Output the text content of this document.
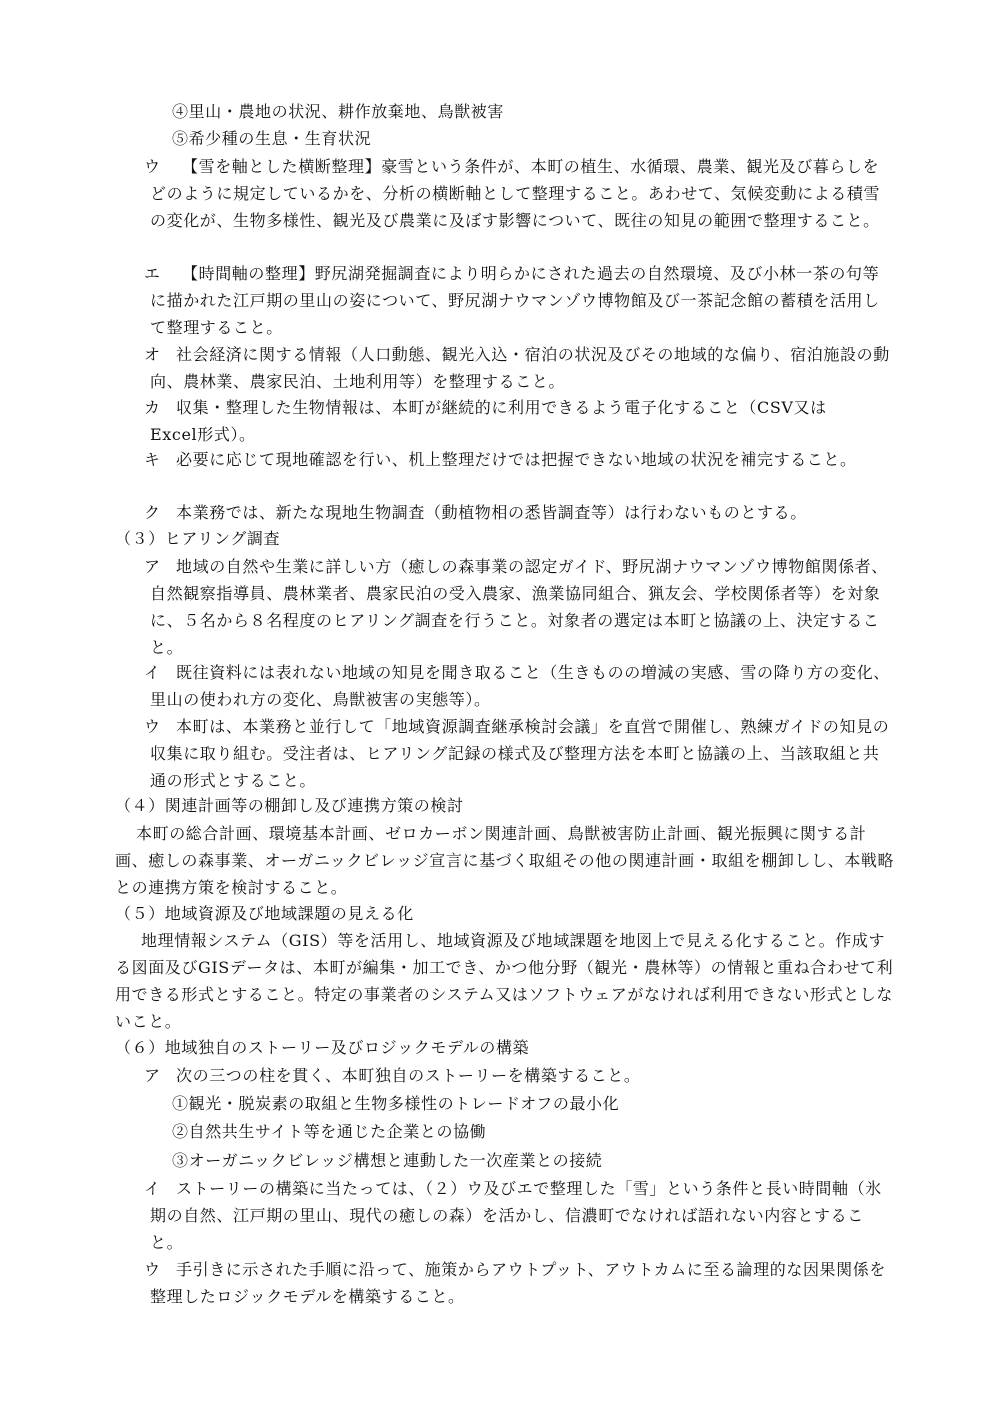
④里山・農地の状況、耕作放棄地、鳥獣被害

⑤希少種の生息・生育状況

ウ	【雪を軸とした横断整理】豪雪という条件が、本町の植生、水循環、農業、観光及び暮らしをどのように規定しているかを、分析の横断軸として整理すること。あわせて、気候変動による積雪の変化が、生物多様性、観光及び農業に及ぼす影響について、既往の知見の範囲で整理すること。

エ	【時間軸の整理】野尻湖発掘調査により明らかにされた過去の自然環境、及び小林一茶の句等に描かれた江戸期の里山の姿について、野尻湖ナウマンゾウ博物館及び一茶記念館の蓄積を活用して整理すること。

オ 社会経済に関する情報（人口動態、観光入込・宿泊の状況及びその地域的な偏り、宿泊施設の動向、農林業、農家民泊、土地利用等）を整理すること。

カ 収集・整理した生物情報は、本町が継続的に利用できるよう電子化すること（CSV又はExcel形式）。

キ 必要に応じて現地確認を行い、机上整理だけでは把握できない地域の状況を補完すること。

ク 本業務では、新たな現地生物調査（動植物相の悉皆調査等）は行わないものとする。

（３）ヒアリング調査

ア 地域の自然や生業に詳しい方（癒しの森事業の認定ガイド、野尻湖ナウマンゾウ博物館関係者、自然観察指導員、農林業者、農家民泊の受入農家、漁業協同組合、猟友会、学校関係者等）を対象に、５名から８名程度のヒアリング調査を行うこと。対象者の選定は本町と協議の上、決定すること。

イ 既往資料には表れない地域の知見を聞き取ること（生きものの増減の実感、雪の降り方の変化、里山の使われ方の変化、鳥獣被害の実態等）。

ウ 本町は、本業務と並行して「地域資源調査継承検討会議」を直営で開催し、熟練ガイドの知見の収集に取り組む。受注者は、ヒアリング記録の様式及び整理方法を本町と協議の上、当該取組と共通の形式とすること。

（４）関連計画等の棚卸し及び連携方策の検討

本町の総合計画、環境基本計画、ゼロカーボン関連計画、鳥獣被害防止計画、観光振興に関する計画、癒しの森事業、オーガニックビレッジ宣言に基づく取組その他の関連計画・取組を棚卸しし、本戦略との連携方策を検討すること。

（５）地域資源及び地域課題の見える化

地理情報システム（GIS）等を活用し、地域資源及び地域課題を地図上で見える化すること。作成する図面及びGISデータは、本町が編集・加工でき、かつ他分野（観光・農林等）の情報と重ね合わせて利用できる形式とすること。特定の事業者のシステム又はソフトウェアがなければ利用できない形式としないこと。

（６）地域独自のストーリー及びロジックモデルの構築

ア 次の三つの柱を貫く、本町独自のストーリーを構築すること。

①観光・脱炭素の取組と生物多様性のトレードオフの最小化

②自然共生サイト等を通じた企業との協働

③オーガニックビレッジ構想と連動した一次産業との接続

イ ストーリーの構築に当たっては、（２）ウ及びエで整理した「雪」という条件と長い時間軸（氷期の自然、江戸期の里山、現代の癒しの森）を活かし、信濃町でなければ語れない内容とすること。

ウ 手引きに示された手順に沿って、施策からアウトプット、アウトカムに至る論理的な因果関係を整理したロジックモデルを構築すること。
